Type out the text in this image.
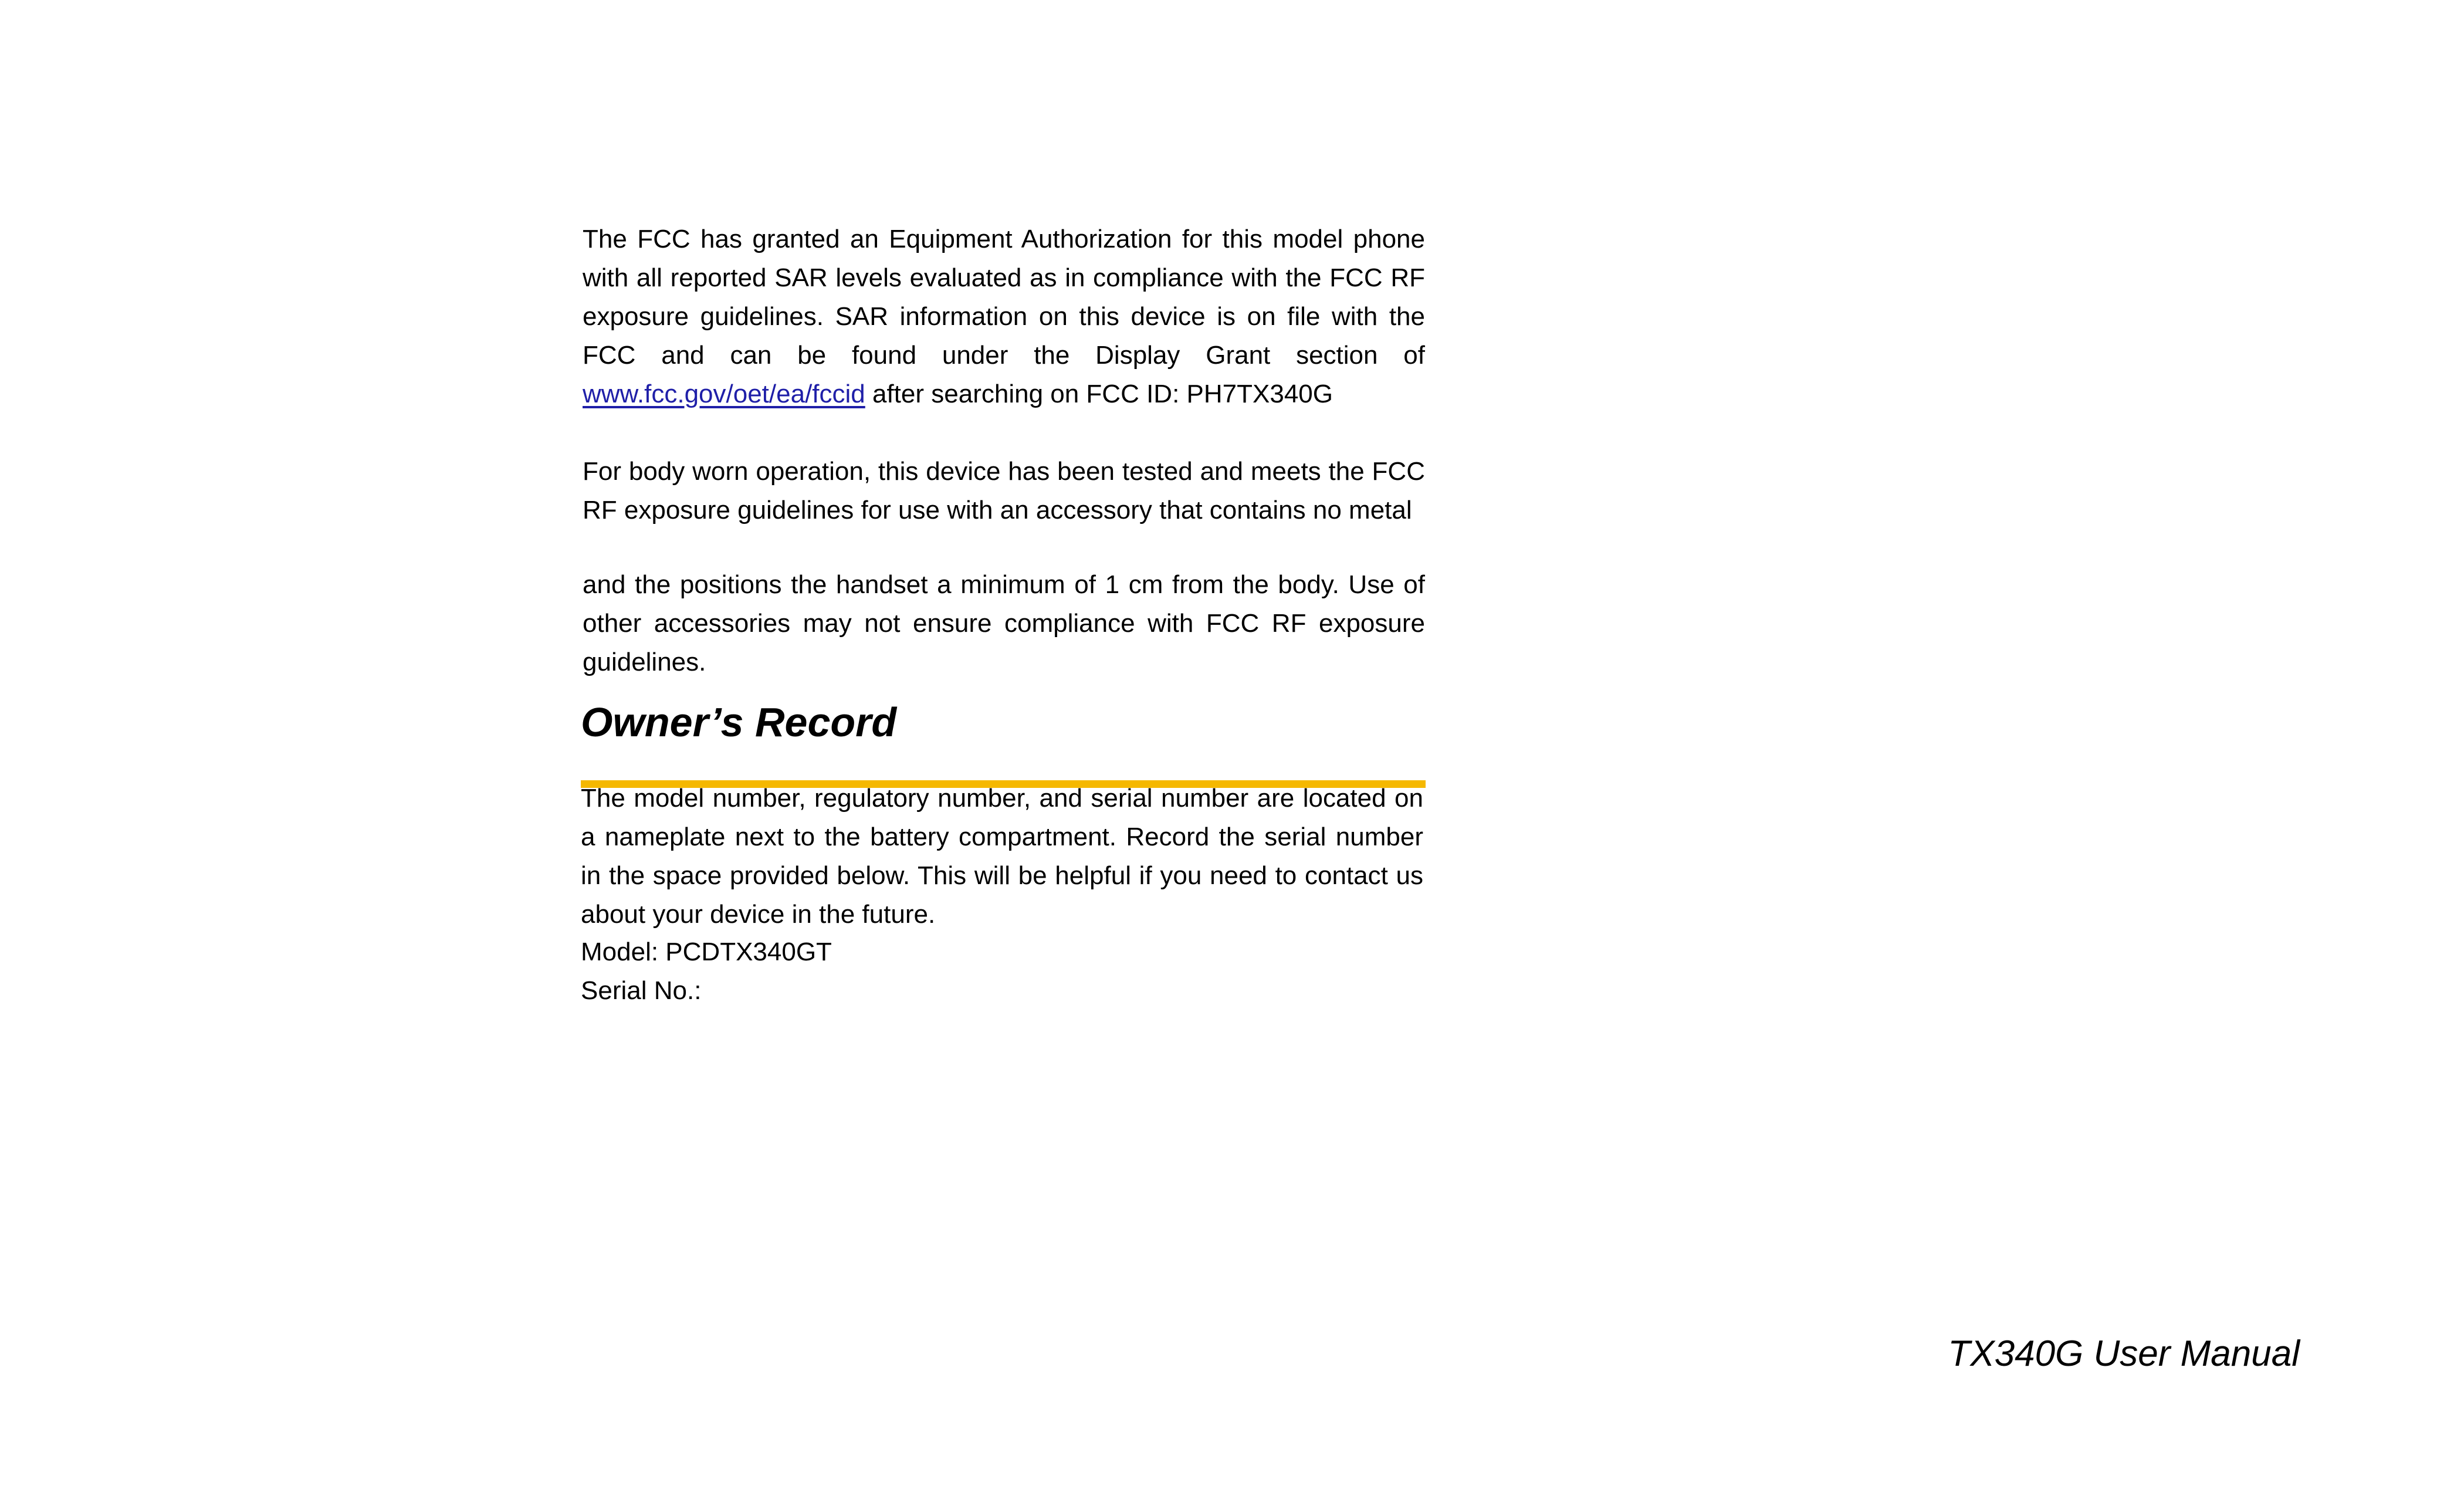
The FCC has granted an Equipment Authorization for this model phone with all reported SAR levels evaluated as in compliance with the FCC RF exposure guidelines. SAR information on this device is on file with the FCC and can be found under the Display Grant section of www.fcc.gov/oet/ea/fccid after searching on FCC ID: PH7TX340G

For body worn operation, this device has been tested and meets the FCC RF exposure guidelines for use with an accessory that contains no metal

and the positions the handset a minimum of 1 cm from the body. Use of other accessories may not ensure compliance with FCC RF exposure guidelines.

Owner’s Record

The model number, regulatory number, and serial number are located on a nameplate next to the battery compartment. Record the serial number in the space provided below. This will be helpful if you need to contact us about your device in the future.

Model: PCDTX340GT

Serial No.:

TX340G User Manual
